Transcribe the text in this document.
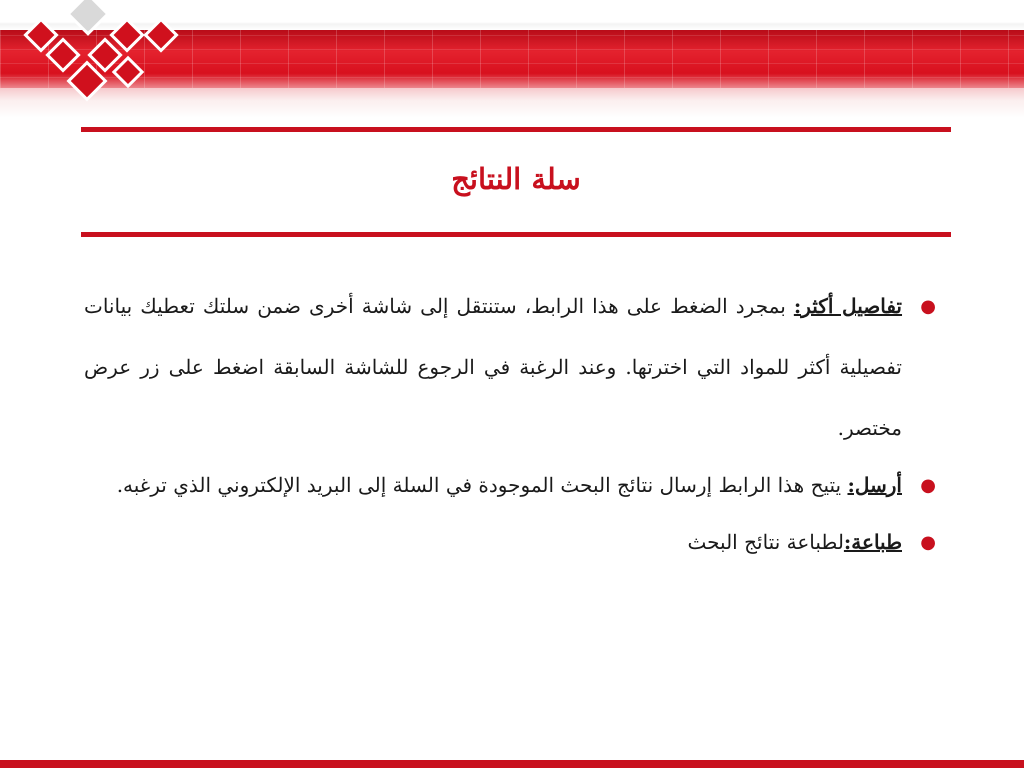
سلة النتائج

●
تفاصيل أكثر: بمجرد الضغط على هذا الرابط، ستنتقل إلى شاشة أخرى ضمن سلتك تعطيك بيانات تفصيلية أكثر للمواد التي اخترتها. وعند الرغبة في الرجوع للشاشة السابقة اضغط على زر عرض مختصر.

●
أرسل: يتيح هذا الرابط إرسال نتائج البحث الموجودة في السلة إلى البريد الإلكتروني الذي ترغبه.

●
طباعة:لطباعة نتائج البحث
